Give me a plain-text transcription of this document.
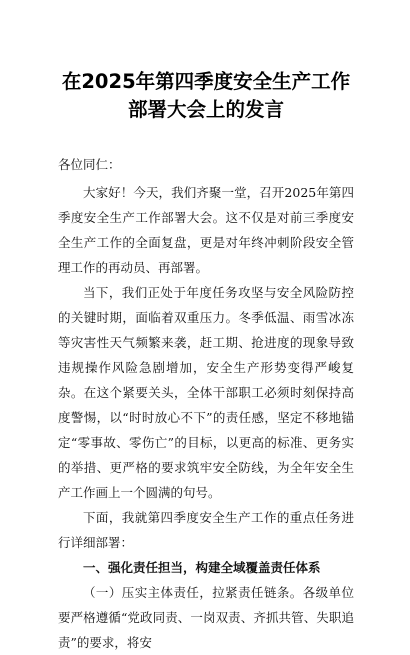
在2025年第四季度安全生产工作部署大会上的发言
各位同仁：

大家好！今天，我们齐聚一堂，召开2025年第四季度安全生产工作部署大会。这不仅是对前三季度安全生产工作的全面复盘，更是对年终冲刺阶段安全管理工作的再动员、再部署。

当下，我们正处于年度任务攻坚与安全风险防控的关键时期，面临着双重压力。冬季低温、雨雪冰冻等灾害性天气频繁来袭，赶工期、抢进度的现象导致违规操作风险急剧增加，安全生产形势变得严峻复杂。在这个紧要关头，全体干部职工必须时刻保持高度警惕，以“时时放心不下”的责任感，坚定不移地锚定“零事故、零伤亡”的目标，以更高的标准、更务实的举措、更严格的要求筑牢安全防线，为全年安全生产工作画上一个圆满的句号。

下面，我就第四季度安全生产工作的重点任务进行详细部署：

一、强化责任担当，构建全域覆盖责任体系

（一）压实主体责任，拉紧责任链条。各级单位要严格遵循“党政同责、一岗双责、齐抓共管、失职追责”的要求，将安
